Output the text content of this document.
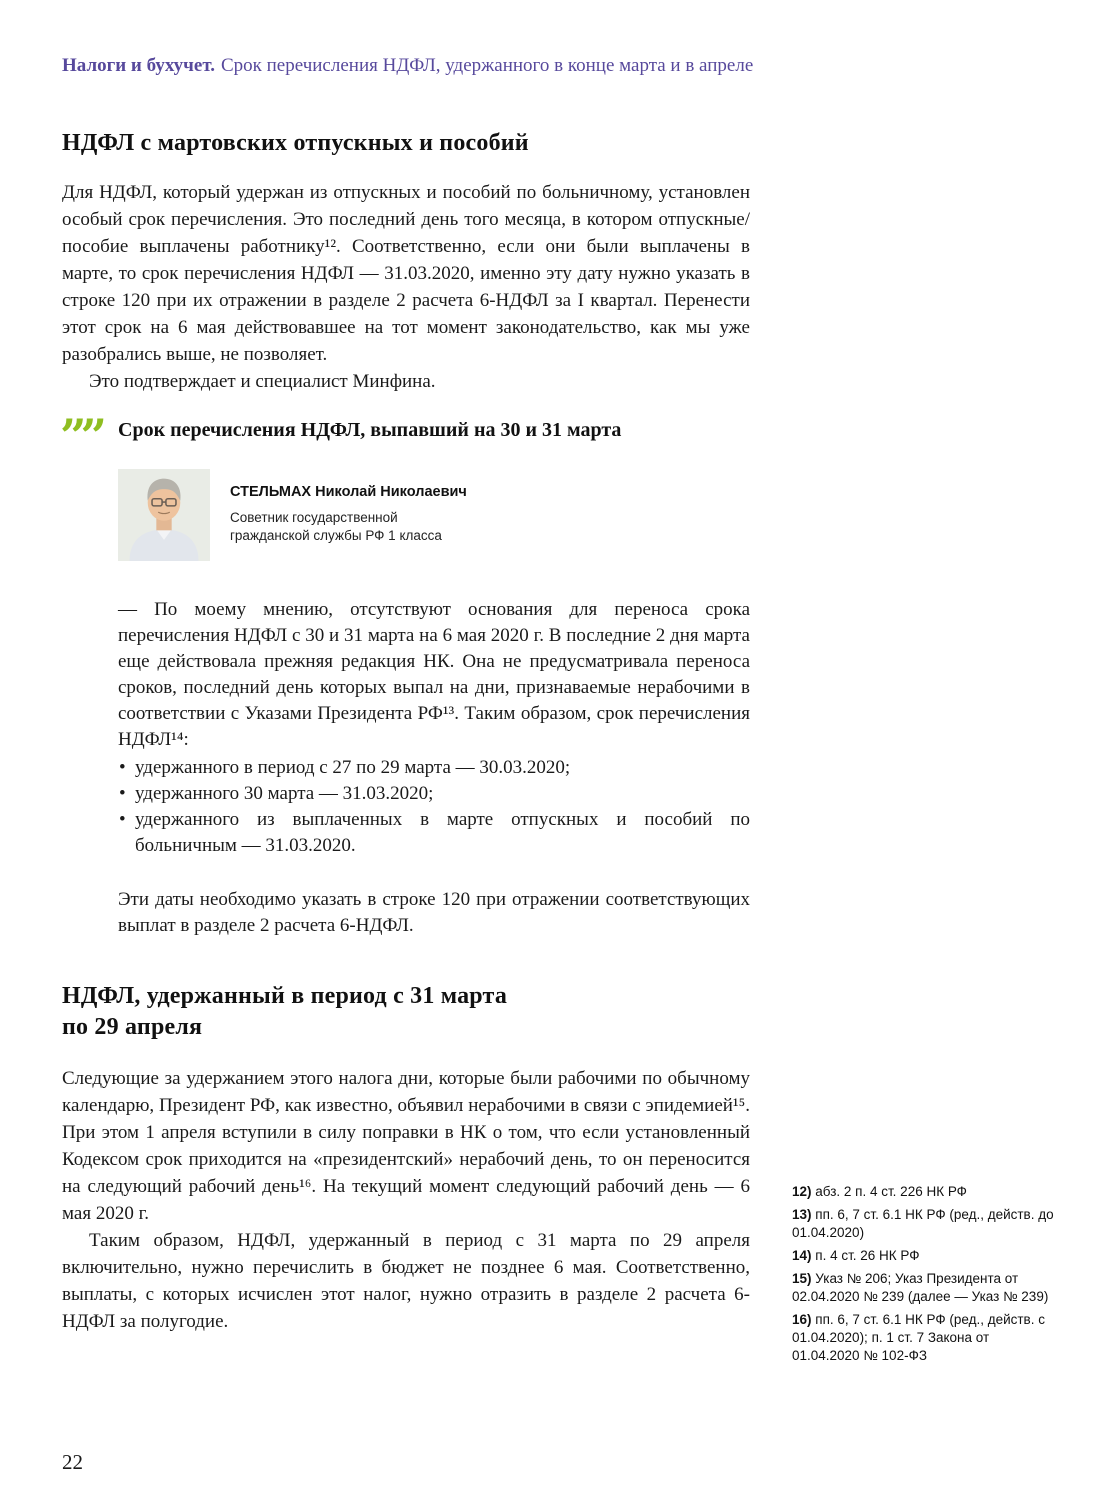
Налоги и бухучет. Срок перечисления НДФЛ, удержанного в конце марта и в апреле
НДФЛ с мартовских отпускных и пособий

Для НДФЛ, который удержан из отпускных и пособий по больничному, установлен особый срок перечисления. Это последний день того месяца, в котором отпускные/пособие выплачены работнику¹². Соответственно, если они были выплачены в марте, то срок перечисления НДФЛ — 31.03.2020, именно эту дату нужно указать в строке 120 при их отражении в разделе 2 расчета 6-НДФЛ за I квартал. Перенести этот срок на 6 мая действовавшее на тот момент законодательство, как мы уже разобрались выше, не позволяет.

Это подтверждает и специалист Минфина.

”” Срок перечисления НДФЛ, выпавший на 30 и 31 марта
СТЕЛЬМАХ Николай Николаевич
Советник государственной
гражданской службы РФ 1 класса

— По моему мнению, отсутствуют основания для переноса срока перечисления НДФЛ с 30 и 31 марта на 6 мая 2020 г. В последние 2 дня марта еще действовала прежняя редакция НК. Она не предусматривала переноса сроков, последний день которых выпал на дни, признаваемые нерабочими в соответствии с Указами Президента РФ¹³. Таким образом, срок перечисления НДФЛ¹⁴:

• удержанного в период с 27 по 29 марта — 30.03.2020;
• удержанного 30 марта — 31.03.2020;
• удержанного из выплаченных в марте отпускных и пособий по больничным — 31.03.2020.

Эти даты необходимо указать в строке 120 при отражении соответствующих выплат в разделе 2 расчета 6-НДФЛ.

НДФЛ, удержанный в период с 31 марта
по 29 апреля

Следующие за удержанием этого налога дни, которые были рабочими по обычному календарю, Президент РФ, как известно, объявил нерабочими в связи с эпидемией¹⁵. При этом 1 апреля вступили в силу поправки в НК о том, что если установленный Кодексом срок приходится на «президентский» нерабочий день, то он переносится на следующий рабочий день¹⁶. На текущий момент следующий рабочий день — 6 мая 2020 г.

Таким образом, НДФЛ, удержанный в период с 31 марта по 29 апреля включительно, нужно перечислить в бюджет не позднее 6 мая. Соответственно, выплаты, с которых исчислен этот налог, нужно отразить в разделе 2 расчета 6-НДФЛ за полугодие.

12) абз. 2 п. 4 ст. 226 НК РФ
13) пп. 6, 7 ст. 6.1 НК РФ (ред., действ. до 01.04.2020)
14) п. 4 ст. 26 НК РФ
15) Указ № 206; Указ Президента от 02.04.2020 № 239 (далее — Указ № 239)
16) пп. 6, 7 ст. 6.1 НК РФ (ред., действ. с 01.04.2020); п. 1 ст. 7 Закона от 01.04.2020 № 102-ФЗ
22
